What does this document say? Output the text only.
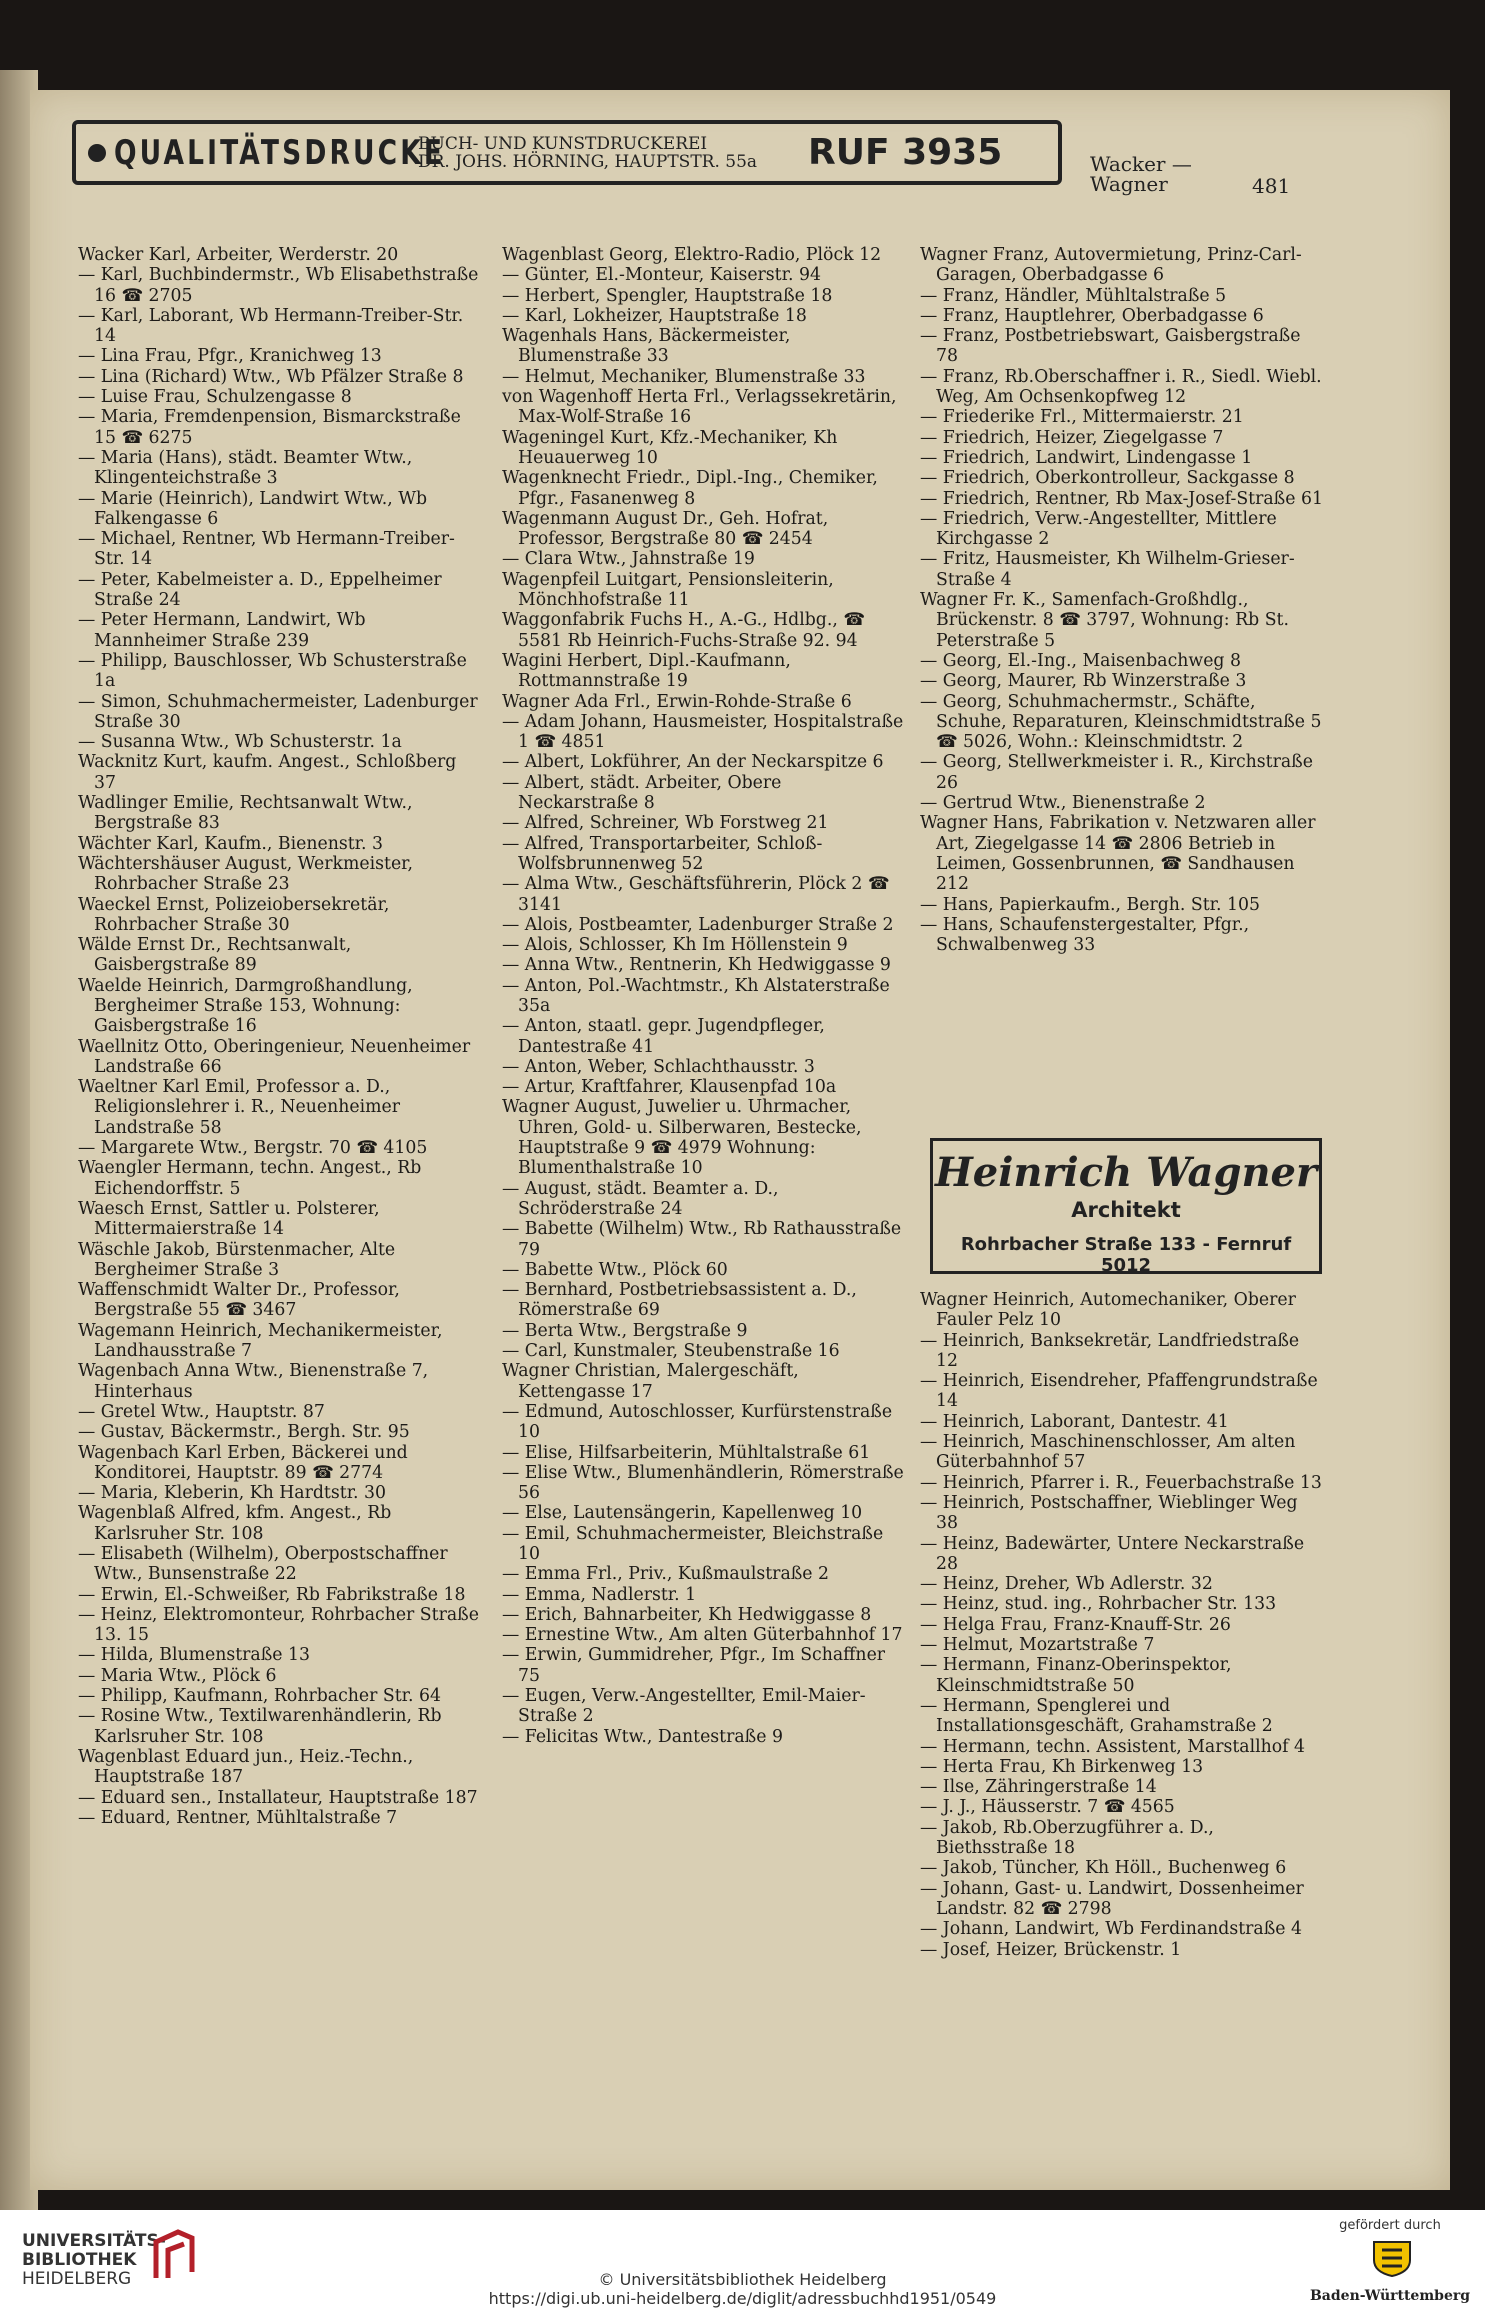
QUALITÄTSDRUCKE
BUCH- UND KUNSTDRUCKEREI
DR. JOHS. HÖRNING, HAUPTSTR. 55a	RUF 3935	Wacker —
Wagner	481

Wacker Karl, Arbeiter, Werderstr. 20

— Karl, Buchbindermstr., Wb Elisabethstraße 16 ☎ 2705

— Karl, Laborant, Wb Hermann-Treiber-Str. 14

— Lina Frau, Pfgr., Kranichweg 13

— Lina (Richard) Wtw., Wb Pfälzer Straße 8

— Luise Frau, Schulzengasse 8

— Maria, Fremdenpension, Bismarckstraße 15 ☎ 6275

— Maria (Hans), städt. Beamter Wtw., Klingenteichstraße 3

— Marie (Heinrich), Landwirt Wtw., Wb Falkengasse 6

— Michael, Rentner, Wb Hermann-Treiber-Str. 14

— Peter, Kabelmeister a. D., Eppelheimer Straße 24

— Peter Hermann, Landwirt, Wb Mannheimer Straße 239

— Philipp, Bauschlosser, Wb Schusterstraße 1a

— Simon, Schuhmachermeister, Ladenburger Straße 30

— Susanna Wtw., Wb Schusterstr. 1a

Wacknitz Kurt, kaufm. Angest., Schloßberg 37

Wadlinger Emilie, Rechtsanwalt Wtw., Bergstraße 83

Wächter Karl, Kaufm., Bienenstr. 3

Wächtershäuser August, Werkmeister, Rohrbacher Straße 23

Waeckel Ernst, Polizeiobersekretär, Rohrbacher Straße 30

Wälde Ernst Dr., Rechtsanwalt, Gaisbergstraße 89

Waelde Heinrich, Darmgroßhandlung, Bergheimer Straße 153, Wohnung: Gaisbergstraße 16

Waellnitz Otto, Oberingenieur, Neuenheimer Landstraße 66

Waeltner Karl Emil, Professor a. D., Religionslehrer i. R., Neuenheimer Landstraße 58

— Margarete Wtw., Bergstr. 70 ☎ 4105

Waengler Hermann, techn. Angest., Rb Eichendorffstr. 5

Waesch Ernst, Sattler u. Polsterer, Mittermaierstraße 14

Wäschle Jakob, Bürstenmacher, Alte Bergheimer Straße 3

Waffenschmidt Walter Dr., Professor, Bergstraße 55 ☎ 3467

Wagemann Heinrich, Mechanikermeister, Landhausstraße 7

Wagenbach Anna Wtw., Bienenstraße 7, Hinterhaus

— Gretel Wtw., Hauptstr. 87

— Gustav, Bäckermstr., Bergh. Str. 95

Wagenbach Karl Erben, Bäckerei und Konditorei, Hauptstr. 89 ☎ 2774

— Maria, Kleberin, Kh Hardtstr. 30

Wagenblaß Alfred, kfm. Angest., Rb Karlsruher Str. 108

— Elisabeth (Wilhelm), Oberpostschaffner Wtw., Bunsenstraße 22

— Erwin, El.-Schweißer, Rb Fabrikstraße 18

— Heinz, Elektromonteur, Rohrbacher Straße 13. 15

— Hilda, Blumenstraße 13

— Maria Wtw., Plöck 6

— Philipp, Kaufmann, Rohrbacher Str. 64

— Rosine Wtw., Textilwarenhändlerin, Rb Karlsruher Str. 108

Wagenblast Eduard jun., Heiz.-Techn., Hauptstraße 187

— Eduard sen., Installateur, Hauptstraße 187

— Eduard, Rentner, Mühltalstraße 7

Wagenblast Georg, Elektro-Radio, Plöck 12

— Günter, El.-Monteur, Kaiserstr. 94

— Herbert, Spengler, Hauptstraße 18

— Karl, Lokheizer, Hauptstraße 18

Wagenhals Hans, Bäckermeister, Blumenstraße 33

— Helmut, Mechaniker, Blumenstraße 33

von Wagenhoff Herta Frl., Verlagssekretärin, Max-Wolf-Straße 16

Wageningel Kurt, Kfz.-Mechaniker, Kh Heuauerweg 10

Wagenknecht Friedr., Dipl.-Ing., Chemiker, Pfgr., Fasanenweg 8

Wagenmann August Dr., Geh. Hofrat, Professor, Bergstraße 80 ☎ 2454

— Clara Wtw., Jahnstraße 19

Wagenpfeil Luitgart, Pensionsleiterin, Mönchhofstraße 11

Waggonfabrik Fuchs H., A.-G., Hdlbg., ☎ 5581 Rb Heinrich-Fuchs-Straße 92. 94

Wagini Herbert, Dipl.-Kaufmann, Rottmannstraße 19

Wagner Ada Frl., Erwin-Rohde-Straße 6

— Adam Johann, Hausmeister, Hospitalstraße 1 ☎ 4851

— Albert, Lokführer, An der Neckarspitze 6

— Albert, städt. Arbeiter, Obere Neckarstraße 8

— Alfred, Schreiner, Wb Forstweg 21

— Alfred, Transportarbeiter, Schloß-Wolfsbrunnenweg 52

— Alma Wtw., Geschäftsführerin, Plöck 2 ☎ 3141

— Alois, Postbeamter, Ladenburger Straße 2

— Alois, Schlosser, Kh Im Höllenstein 9

— Anna Wtw., Rentnerin, Kh Hedwiggasse 9

— Anton, Pol.-Wachtmstr., Kh Alstaterstraße 35a

— Anton, staatl. gepr. Jugendpfleger, Dantestraße 41

— Anton, Weber, Schlachthausstr. 3

— Artur, Kraftfahrer, Klausenpfad 10a

Wagner August, Juwelier u. Uhrmacher, Uhren, Gold- u. Silberwaren, Bestecke, Hauptstraße 9 ☎ 4979 Wohnung: Blumenthalstraße 10

— August, städt. Beamter a. D., Schröderstraße 24

— Babette (Wilhelm) Wtw., Rb Rathausstraße 79

— Babette Wtw., Plöck 60

— Bernhard, Postbetriebsassistent a. D., Römerstraße 69

— Berta Wtw., Bergstraße 9

— Carl, Kunstmaler, Steubenstraße 16

Wagner Christian, Malergeschäft, Kettengasse 17

— Edmund, Autoschlosser, Kurfürstenstraße 10

— Elise, Hilfsarbeiterin, Mühltalstraße 61

— Elise Wtw., Blumenhändlerin, Römerstraße 56

— Else, Lautensängerin, Kapellenweg 10

— Emil, Schuhmachermeister, Bleichstraße 10

— Emma Frl., Priv., Kußmaulstraße 2

— Emma, Nadlerstr. 1

— Erich, Bahnarbeiter, Kh Hedwiggasse 8

— Ernestine Wtw., Am alten Güterbahnhof 17

— Erwin, Gummidreher, Pfgr., Im Schaffner 75

— Eugen, Verw.-Angestellter, Emil-Maier-Straße 2

— Felicitas Wtw., Dantestraße 9

Wagner Franz, Autovermietung, Prinz-Carl-Garagen, Oberbadgasse 6

— Franz, Händler, Mühltalstraße 5

— Franz, Hauptlehrer, Oberbadgasse 6

— Franz, Postbetriebswart, Gaisbergstraße 78

— Franz, Rb.Oberschaffner i. R., Siedl. Wiebl. Weg, Am Ochsenkopfweg 12

— Friederike Frl., Mittermaierstr. 21

— Friedrich, Heizer, Ziegelgasse 7

— Friedrich, Landwirt, Lindengasse 1

— Friedrich, Oberkontrolleur, Sackgasse 8

— Friedrich, Rentner, Rb Max-Josef-Straße 61

— Friedrich, Verw.-Angestellter, Mittlere Kirchgasse 2

— Fritz, Hausmeister, Kh Wilhelm-Grieser-Straße 4

Wagner Fr. K., Samenfach-Großhdlg., Brückenstr. 8 ☎ 3797, Wohnung: Rb St. Peterstraße 5

— Georg, El.-Ing., Maisenbachweg 8

— Georg, Maurer, Rb Winzerstraße 3

— Georg, Schuhmachermstr., Schäfte, Schuhe, Reparaturen, Kleinschmidtstraße 5 ☎ 5026, Wohn.: Kleinschmidtstr. 2

— Georg, Stellwerkmeister i. R., Kirchstraße 26

— Gertrud Wtw., Bienenstraße 2

Wagner Hans, Fabrikation v. Netzwaren aller Art, Ziegelgasse 14 ☎ 2806 Betrieb in Leimen, Gossenbrunnen, ☎ Sandhausen 212

— Hans, Papierkaufm., Bergh. Str. 105

— Hans, Schaufenstergestalter, Pfgr., Schwalbenweg 33

Heinrich Wagner
Architekt
Rohrbacher Straße 133 - Fernruf 5012

Wagner Heinrich, Automechaniker, Oberer Fauler Pelz 10

— Heinrich, Banksekretär, Landfriedstraße 12

— Heinrich, Eisendreher, Pfaffengrundstraße 14

— Heinrich, Laborant, Dantestr. 41

— Heinrich, Maschinenschlosser, Am alten Güterbahnhof 57

— Heinrich, Pfarrer i. R., Feuerbachstraße 13

— Heinrich, Postschaffner, Wieblinger Weg 38

— Heinz, Badewärter, Untere Neckarstraße 28

— Heinz, Dreher, Wb Adlerstr. 32

— Heinz, stud. ing., Rohrbacher Str. 133

— Helga Frau, Franz-Knauff-Str. 26

— Helmut, Mozartstraße 7

— Hermann, Finanz-Oberinspektor, Kleinschmidtstraße 50

— Hermann, Spenglerei und Installationsgeschäft, Grahamstraße 2

— Hermann, techn. Assistent, Marstallhof 4

— Herta Frau, Kh Birkenweg 13

— Ilse, Zähringerstraße 14

— J. J., Häusserstr. 7 ☎ 4565

— Jakob, Rb.Oberzugführer a. D., Biethsstraße 18

— Jakob, Tüncher, Kh Höll., Buchenweg 6

— Johann, Gast- u. Landwirt, Dossenheimer Landstr. 82 ☎ 2798

— Johann, Landwirt, Wb Ferdinandstraße 4

— Josef, Heizer, Brückenstr. 1

UNIVERSITÄTS-
BIBLIOTHEK
HEIDELBERG	© Universitätsbibliothek Heidelberg
https://digi.ub.uni-heidelberg.de/diglit/adressbuchhd1951/0549
gefördert durch
Baden-Württemberg
